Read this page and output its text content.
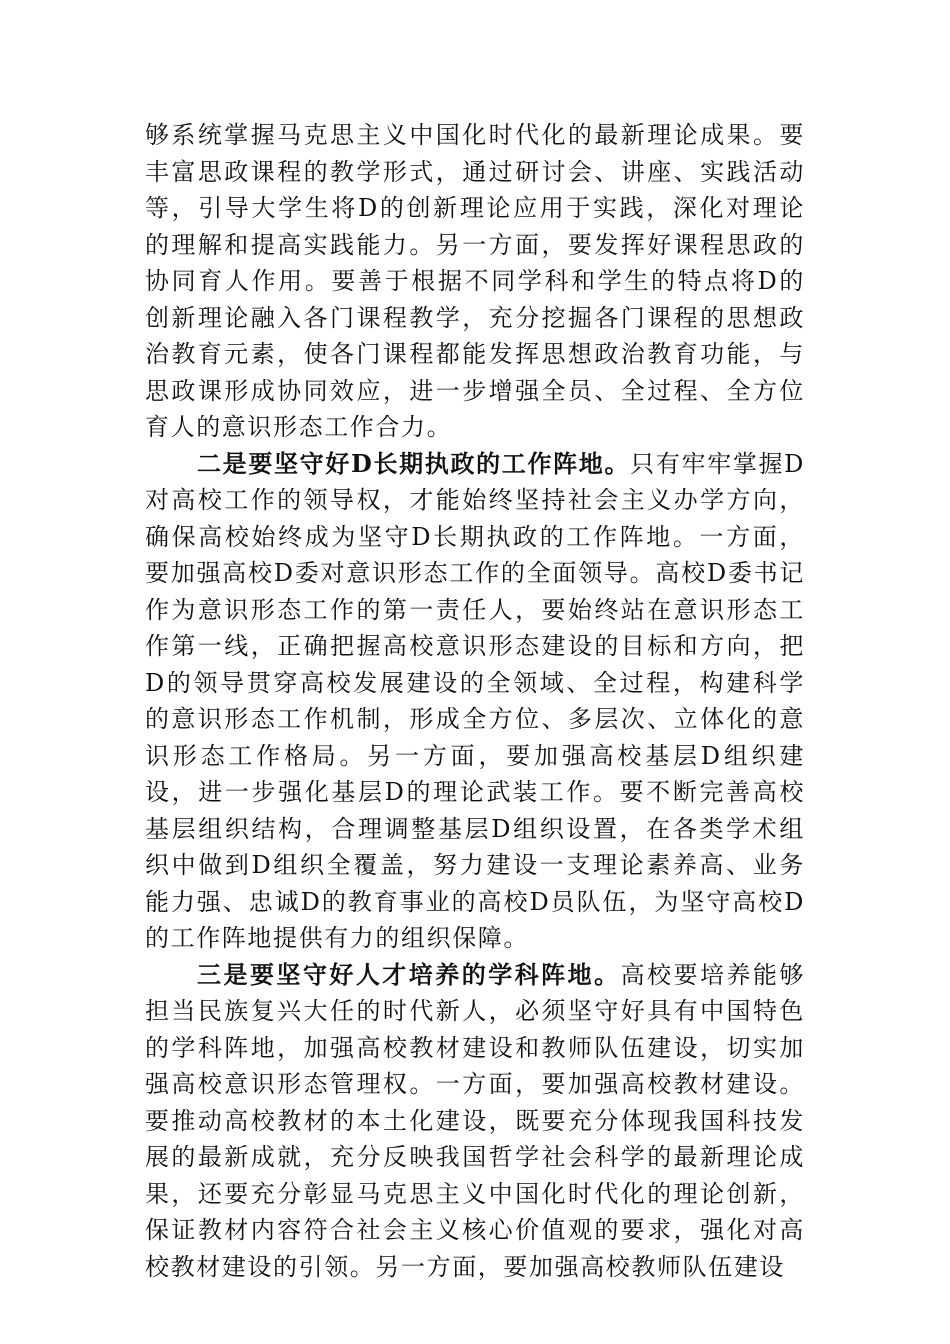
够系统掌握马克思主义中国化时代化的最新理论成果。要丰富思政课程的教学形式，通过研讨会、讲座、实践活动等，引导大学生将D的创新理论应用于实践，深化对理论的理解和提高实践能力。另一方面，要发挥好课程思政的协同育人作用。要善于根据不同学科和学生的特点将D的创新理论融入各门课程教学，充分挖掘各门课程的思想政治教育元素，使各门课程都能发挥思想政治教育功能，与思政课形成协同效应，进一步增强全员、全过程、全方位育人的意识形态工作合力。

二是要坚守好D长期执政的工作阵地。只有牢牢掌握D对高校工作的领导权，才能始终坚持社会主义办学方向，确保高校始终成为坚守D长期执政的工作阵地。一方面，要加强高校D委对意识形态工作的全面领导。高校D委书记作为意识形态工作的第一责任人，要始终站在意识形态工作第一线，正确把握高校意识形态建设的目标和方向，把D的领导贯穿高校发展建设的全领域、全过程，构建科学的意识形态工作机制，形成全方位、多层次、立体化的意识形态工作格局。另一方面，要加强高校基层D组织建设，进一步强化基层D的理论武装工作。要不断完善高校基层组织结构，合理调整基层D组织设置，在各类学术组织中做到D组织全覆盖，努力建设一支理论素养高、业务能力强、忠诚D的教育事业的高校D员队伍，为坚守高校D的工作阵地提供有力的组织保障。

三是要坚守好人才培养的学科阵地。高校要培养能够担当民族复兴大任的时代新人，必须坚守好具有中国特色的学科阵地，加强高校教材建设和教师队伍建设，切实加强高校意识形态管理权。一方面，要加强高校教材建设。要推动高校教材的本土化建设，既要充分体现我国科技发展的最新成就，充分反映我国哲学社会科学的最新理论成果，还要充分彰显马克思主义中国化时代化的理论创新，保证教材内容符合社会主义核心价值观的要求，强化对高校教材建设的引领。另一方面，要加强高校教师队伍建设
